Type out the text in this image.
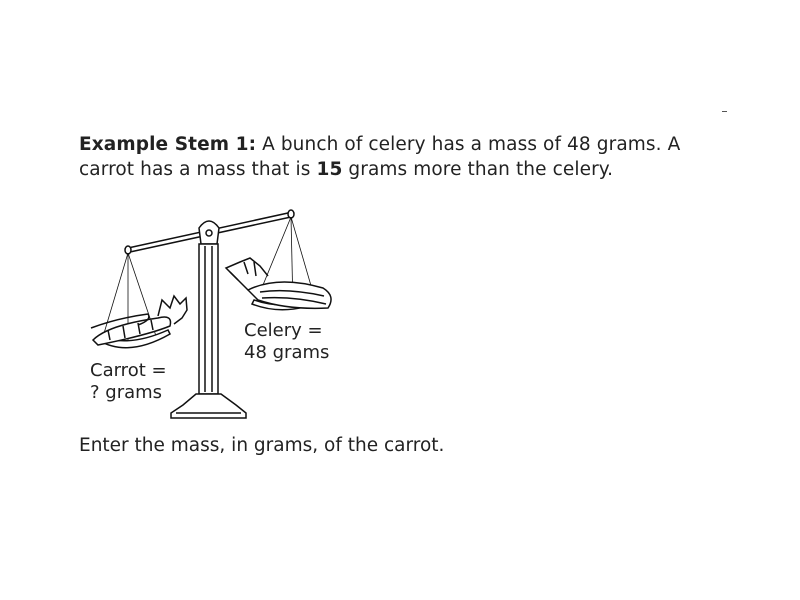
Example Stem 1: A bunch of celery has a mass of 48 grams. A carrot has a mass that is 15 grams more than the celery.

Celery =
48 grams
Carrot =
? grams

Enter the mass, in grams, of the carrot.
